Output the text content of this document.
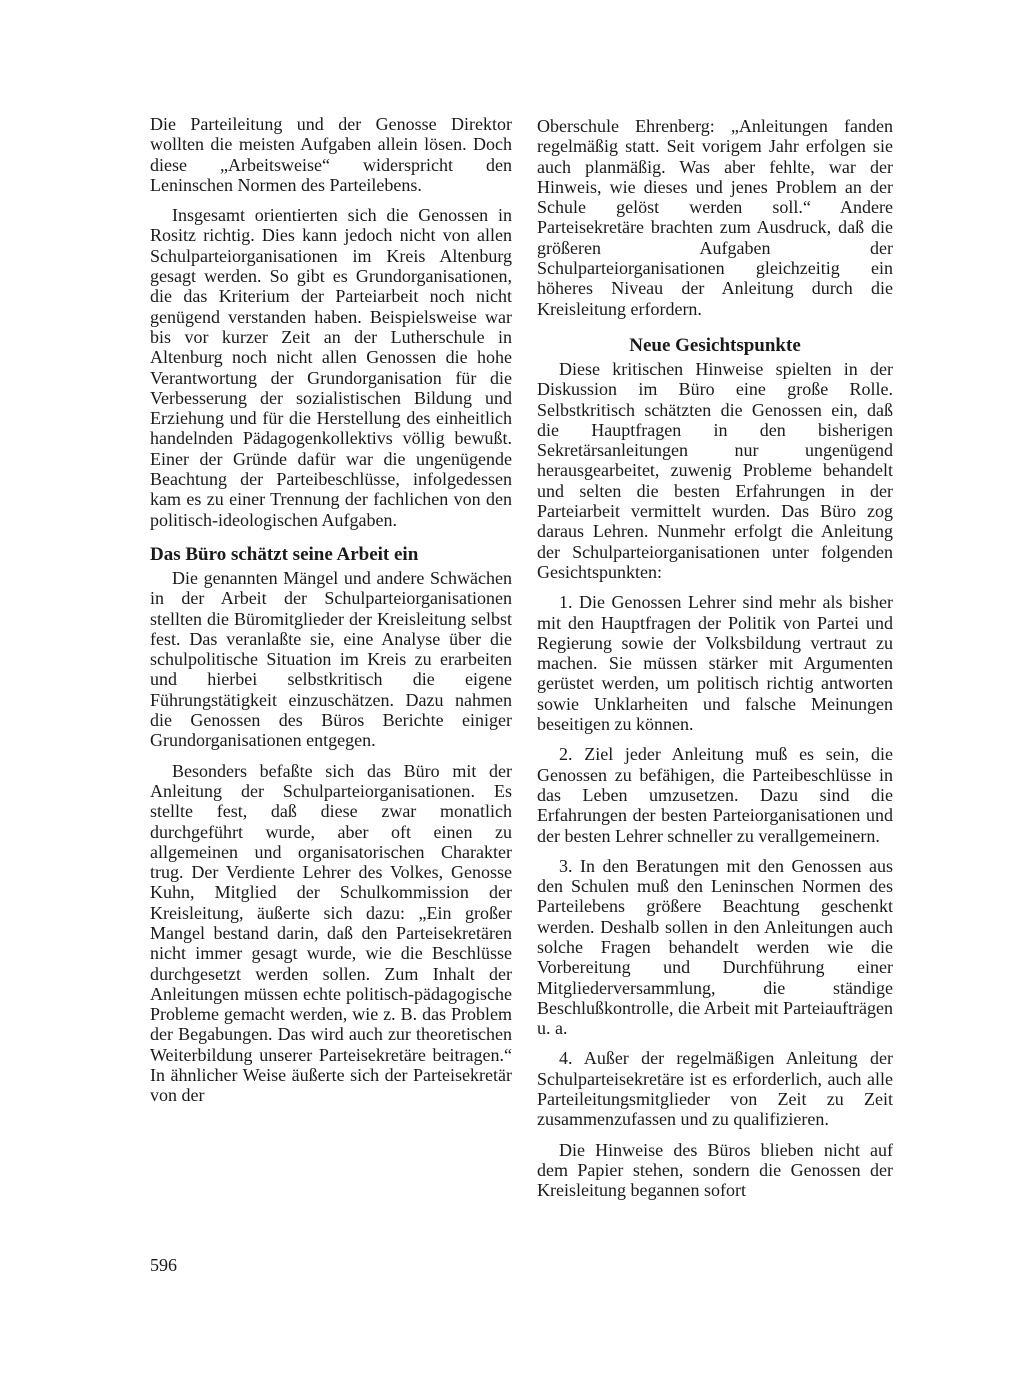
Die Parteileitung und der Genosse Direktor wollten die meisten Aufgaben allein lösen. Doch diese „Arbeitsweise“ widerspricht den Leninschen Normen des Parteilebens.

Insgesamt orientierten sich die Genossen in Rositz richtig. Dies kann jedoch nicht von allen Schulparteiorganisationen im Kreis Altenburg gesagt werden. So gibt es Grundorganisationen, die das Kriterium der Parteiarbeit noch nicht genügend verstanden haben. Beispielsweise war bis vor kurzer Zeit an der Lutherschule in Altenburg noch nicht allen Genossen die hohe Verantwortung der Grundorganisation für die Verbesserung der sozialistischen Bildung und Erziehung und für die Herstellung des einheitlich handelnden Pädagogenkollektivs völlig bewußt. Einer der Gründe dafür war die ungenügende Beachtung der Parteibeschlüsse, infolgedessen kam es zu einer Trennung der fachlichen von den politisch-ideologischen Aufgaben.

Das Büro schätzt seine Arbeit ein

Die genannten Mängel und andere Schwächen in der Arbeit der Schulparteiorganisationen stellten die Büromitglieder der Kreisleitung selbst fest. Das veranlaßte sie, eine Analyse über die schulpolitische Situation im Kreis zu erarbeiten und hierbei selbstkritisch die eigene Führungstätigkeit einzuschätzen. Dazu nahmen die Genossen des Büros Berichte einiger Grundorganisationen entgegen.

Besonders befaßte sich das Büro mit der Anleitung der Schulparteiorganisationen. Es stellte fest, daß diese zwar monatlich durchgeführt wurde, aber oft einen zu allgemeinen und organisatorischen Charakter trug. Der Verdiente Lehrer des Volkes, Genosse Kuhn, Mitglied der Schulkommission der Kreisleitung, äußerte sich dazu: „Ein großer Mangel bestand darin, daß den Parteisekretären nicht immer gesagt wurde, wie die Beschlüsse durchgesetzt werden sollen. Zum Inhalt der Anleitungen müssen echte politisch-pädagogische Probleme gemacht werden, wie z. B. das Problem der Begabungen. Das wird auch zur theoretischen Weiterbildung unserer Parteisekretäre beitragen.“ In ähnlicher Weise äußerte sich der Parteisekretär von der

Oberschule Ehrenberg: „Anleitungen fanden regelmäßig statt. Seit vorigem Jahr erfolgen sie auch planmäßig. Was aber fehlte, war der Hinweis, wie dieses und jenes Problem an der Schule gelöst werden soll.“ Andere Parteisekretäre brachten zum Ausdruck, daß die größeren Aufgaben der Schulparteiorganisationen gleichzeitig ein höheres Niveau der Anleitung durch die Kreisleitung erfordern.

Neue Gesichtspunkte

Diese kritischen Hinweise spielten in der Diskussion im Büro eine große Rolle. Selbstkritisch schätzten die Genossen ein, daß die Hauptfragen in den bisherigen Sekretärsanleitungen nur ungenügend herausgearbeitet, zuwenig Probleme behandelt und selten die besten Erfahrungen in der Parteiarbeit vermittelt wurden. Das Büro zog daraus Lehren. Nunmehr erfolgt die Anleitung der Schulparteiorganisationen unter folgenden Gesichtspunkten:

1. Die Genossen Lehrer sind mehr als bisher mit den Hauptfragen der Politik von Partei und Regierung sowie der Volksbildung vertraut zu machen. Sie müssen stärker mit Argumenten gerüstet werden, um politisch richtig antworten sowie Unklarheiten und falsche Meinungen beseitigen zu können.

2. Ziel jeder Anleitung muß es sein, die Genossen zu befähigen, die Parteibeschlüsse in das Leben umzusetzen. Dazu sind die Erfahrungen der besten Parteiorganisationen und der besten Lehrer schneller zu verallgemeinern.

3. In den Beratungen mit den Genossen aus den Schulen muß den Leninschen Normen des Parteilebens größere Beachtung geschenkt werden. Deshalb sollen in den Anleitungen auch solche Fragen behandelt werden wie die Vorbereitung und Durchführung einer Mitgliederversammlung, die ständige Beschlußkontrolle, die Arbeit mit Parteiaufträgen u. a.

4. Außer der regelmäßigen Anleitung der Schulparteisekretäre ist es erforderlich, auch alle Parteileitungsmitglieder von Zeit zu Zeit zusammenzufassen und zu qualifizieren.

Die Hinweise des Büros blieben nicht auf dem Papier stehen, sondern die Genossen der Kreisleitung begannen sofort

596
